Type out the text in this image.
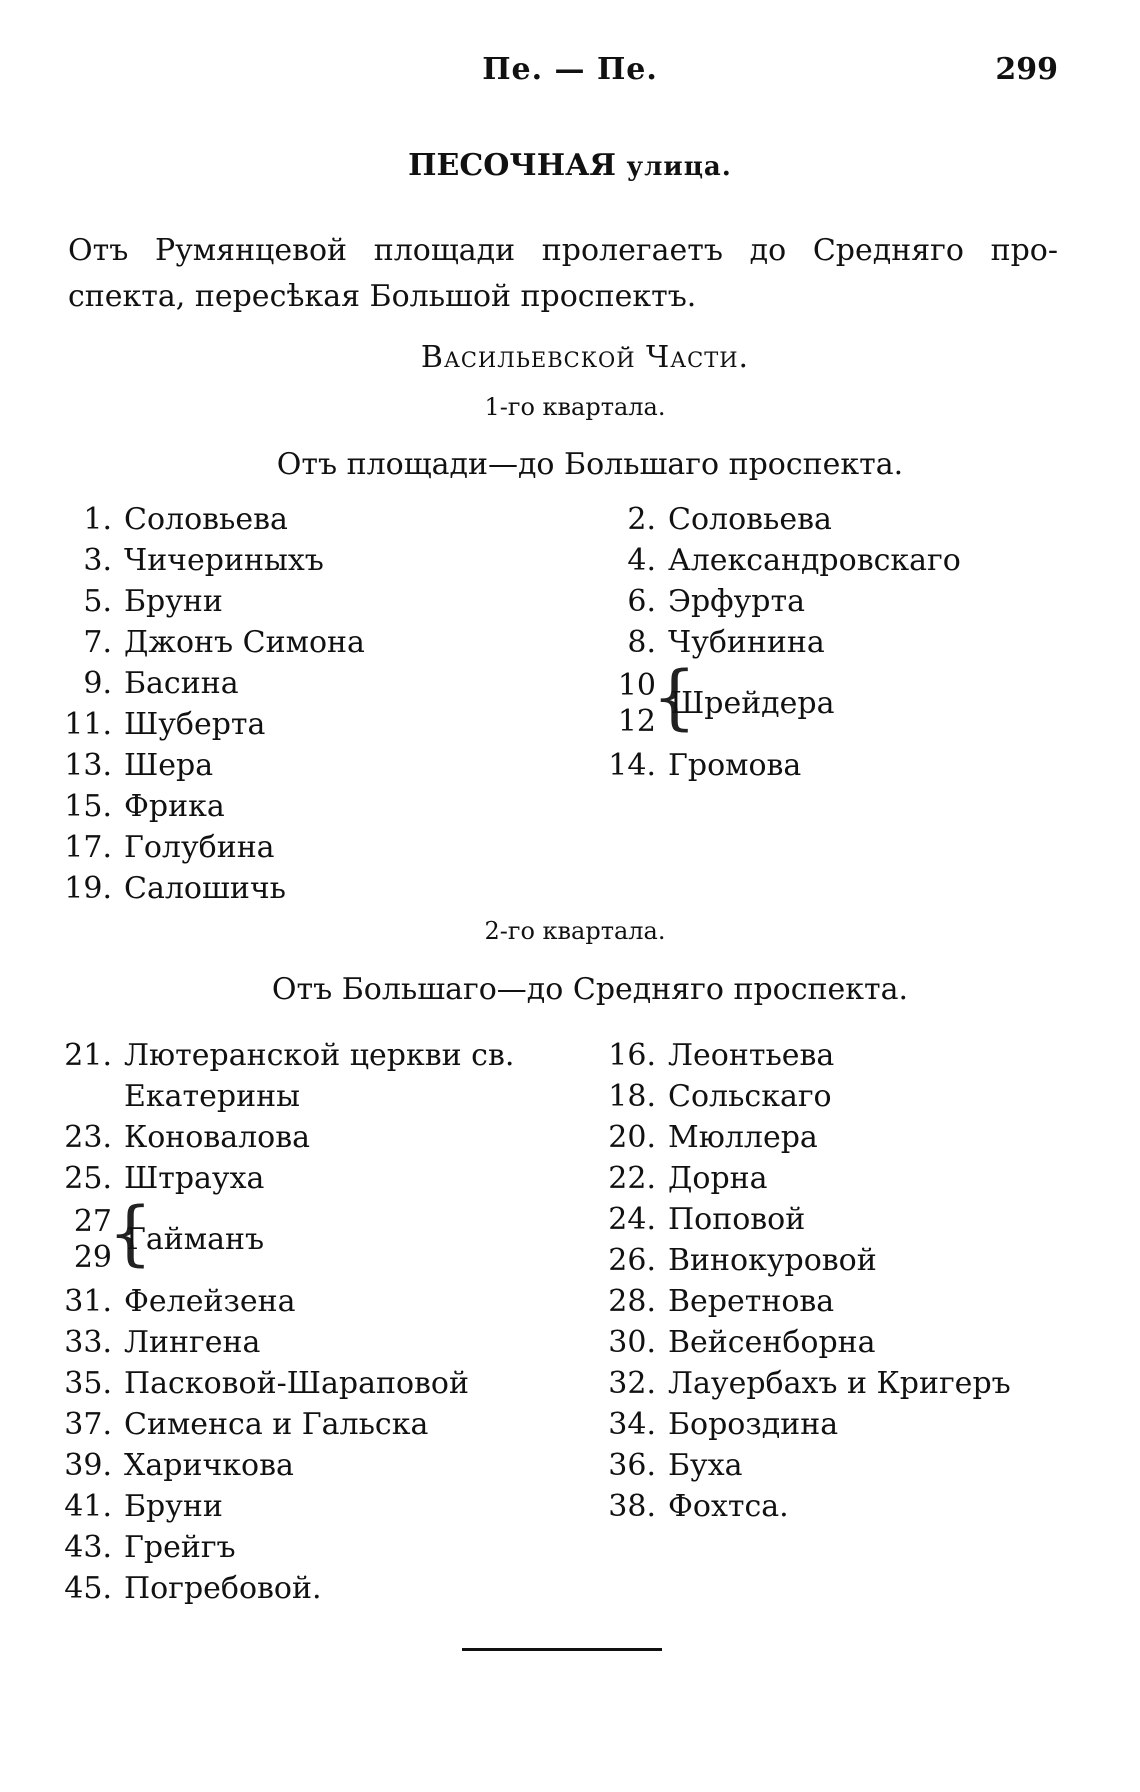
Пе. — Пе.	299
ПЕСОЧНАЯ улица.
Отъ Румянцевой площади пролегаетъ до Средняго про-
спекта, пересѣкая Большой проспектъ.
Васильевской Части.
1-го квартала.
Отъ площади—до Большаго проспекта.
1. Соловьева
3. Чичериныхъ
5. Бруни
7. Джонъ Симона
9. Басина
11. Шуберта
13. Шера
15. Фрика
17. Голубина
19. Салошичь
2. Соловьева
4. Александровскаго
6. Эрфурта
8. Чубинина
10
12
{
Шрейдера
14. Громова
2-го квартала.
Отъ Большаго—до Средняго проспекта.
21. Лютеранской церкви св.
Екатерины
23. Коновалова
25. Штрауха
27
29
{
Гайманъ
31. Фелейзена
33. Лингена
35. Пасковой-Шараповой
37. Сименса и Гальска
39. Харичкова
41. Бруни
43. Грейгъ
45. Погребовой.
16. Леонтьева
18. Сольскаго
20. Мюллера
22. Дорна
24. Поповой
26. Винокуровой
28. Веретнова
30. Вейсенборна
32. Лауербахъ и Кригеръ
34. Бороздина
36. Буха
38. Фохтса.
